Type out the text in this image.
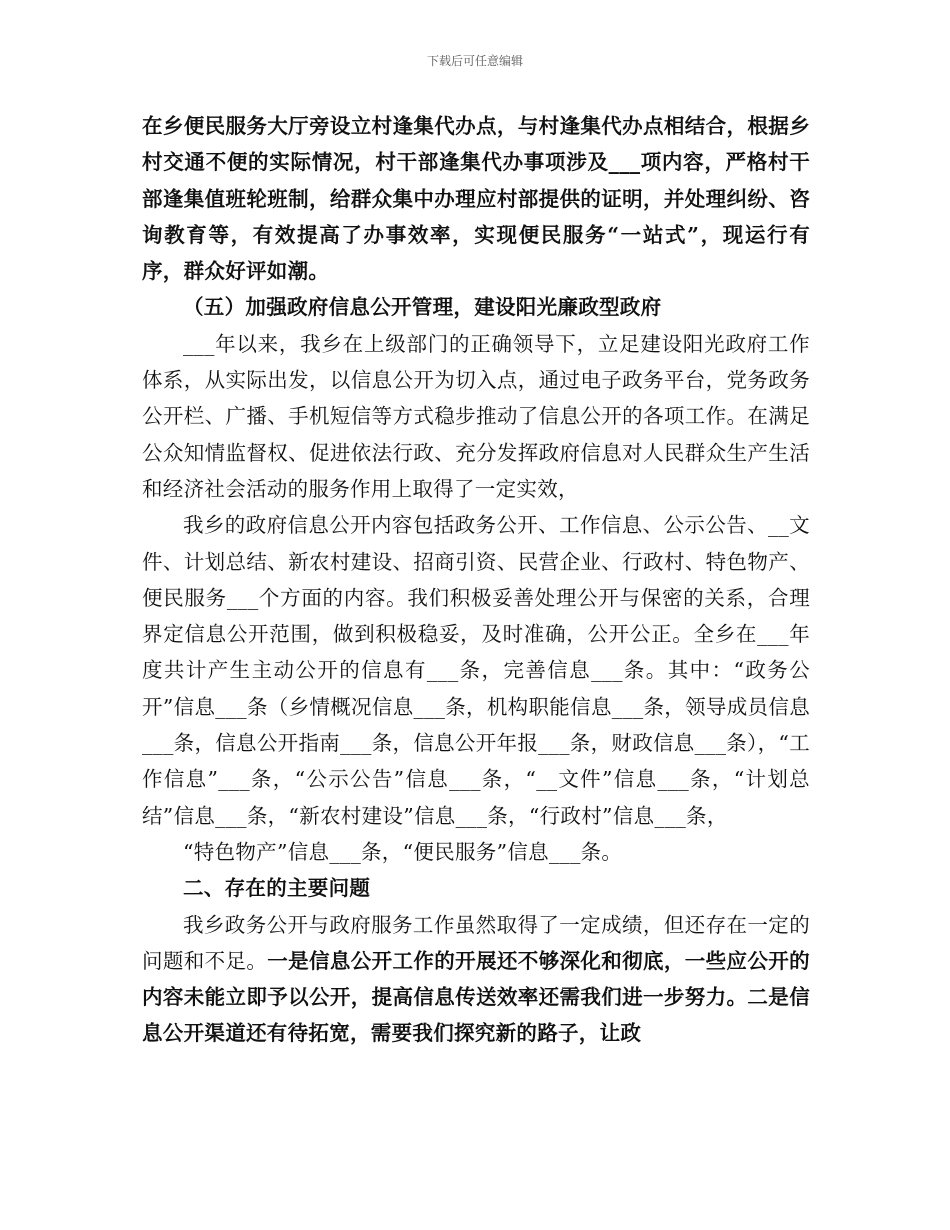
下载后可任意编辑

在乡便民服务大厅旁设立村逢集代办点，与村逢集代办点相结合，根据乡村交通不便的实际情况，村干部逢集代办事项涉及___项内容，严格村干部逢集值班轮班制，给群众集中办理应村部提供的证明，并处理纠纷、咨询教育等，有效提高了办事效率，实现便民服务“一站式”，现运行有序，群众好评如潮。

（五）加强政府信息公开管理，建设阳光廉政型政府

___年以来，我乡在上级部门的正确领导下，立足建设阳光政府工作体系，从实际出发，以信息公开为切入点，通过电子政务平台，党务政务公开栏、广播、手机短信等方式稳步推动了信息公开的各项工作。在满足公众知情监督权、促进依法行政、充分发挥政府信息对人民群众生产生活和经济社会活动的服务作用上取得了一定实效，

我乡的政府信息公开内容包括政务公开、工作信息、公示公告、__文件、计划总结、新农村建设、招商引资、民营企业、行政村、特色物产、便民服务___个方面的内容。我们积极妥善处理公开与保密的关系，合理界定信息公开范围，做到积极稳妥，及时准确，公开公正。全乡在___年度共计产生主动公开的信息有___条，完善信息___条。其中：“政务公开”信息___条（乡情概况信息___条，机构职能信息___条，领导成员信息___条，信息公开指南___条，信息公开年报___条，财政信息___条），“工作信息”___条，“公示公告”信息___条，“__文件”信息___条，“计划总结”信息___条，“新农村建设”信息___条，“行政村”信息___条，

“特色物产”信息___条，“便民服务”信息___条。

二、存在的主要问题

我乡政务公开与政府服务工作虽然取得了一定成绩，但还存在一定的问题和不足。一是信息公开工作的开展还不够深化和彻底，一些应公开的内容未能立即予以公开，提高信息传送效率还需我们进一步努力。二是信息公开渠道还有待拓宽，需要我们探究新的路子，让政
